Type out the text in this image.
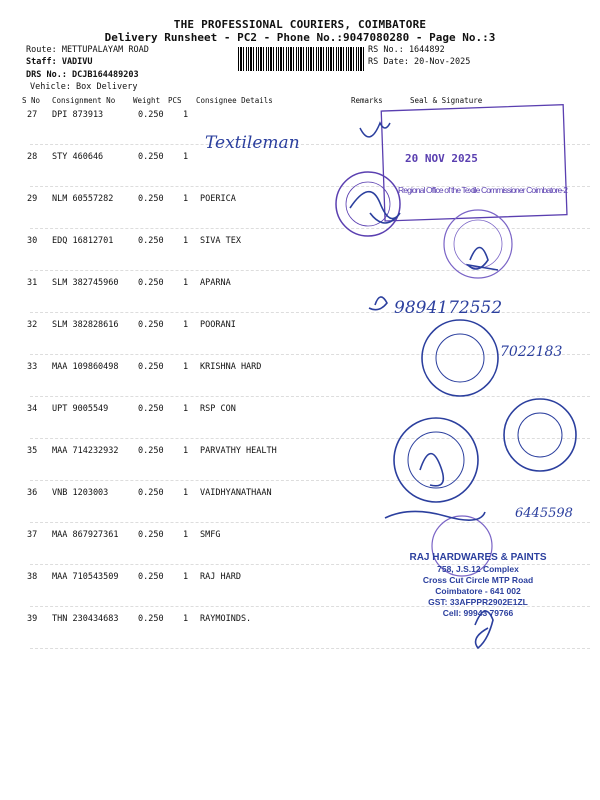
THE PROFESSIONAL COURIERS, COIMBATORE
Delivery Runsheet - PC2 - Phone No.:9047080280 - Page No.:3
Route: METTUPALAYAM ROAD
Staff: VADIVU
DRS No.: DCJB164489203
Vehicle: Box Delivery
RS No.: 1644892
RS Date: 20-Nov-2025
S No Consignment No Weight PCS Consignee Details	Remarks	Seal & Signature
27 DPI 873913	0.250 1
28 STY 460646	0.250 1
29 NLM 60557282	0.250 1 POERICA
30 EDQ 16812701	0.250 1 SIVA TEX
31 SLM 382745960 0.250 1 APARNA
32 SLM 382828616 0.250 1 POORANI
33 MAA 109860498 0.250 1 KRISHNA HARD
34 UPT 9005549	0.250 1 RSP CON
35 MAA 714232932 0.250 1 PARVATHY HEALTH
36 VNB 1203003	0.250 1 VAIDHYANATHAAN
37 MAA 867927361 0.250 1 SMFG
38 MAA 710543509 0.250 1 RAJ HARD
39 THN 230434683 0.250 1 RAYMOINDS.
20 NOV 2025
Regional Office of the Textile Commissioner Coimbatore-2
Textileman
9894172552
7022183
6445598
RAJ HARDWARES & PAINTS
758, J.S.12 Complex
Cross Cut Circle MTP Road
Coimbatore - 641 002
GST: 33AFPPR2902E1ZL
Cell: 99943 79766
